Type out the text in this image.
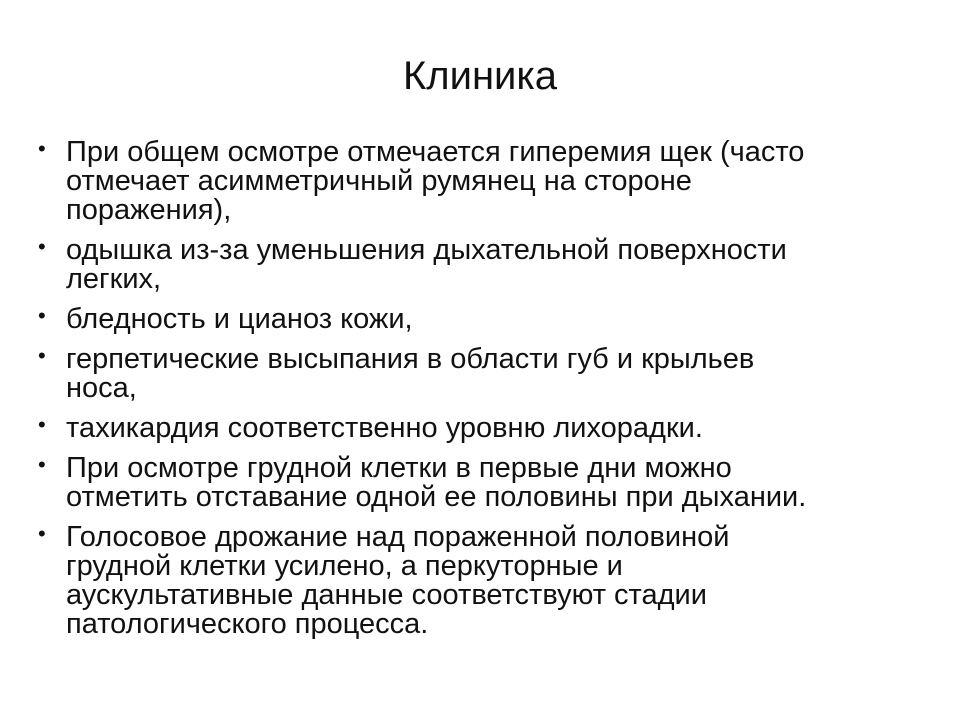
Клиника
• При общем осмотре отмечается гиперемия щек (часто
отмечает асимметричный румянец на стороне
поражения),
• одышка из-за уменьшения дыхательной поверхности
легких,
• бледность и цианоз кожи,
• герпетические высыпания в области губ и крыльев
носа,
• тахикардия соответственно уровню лихорадки.
• При осмотре грудной клетки в первые дни можно
отметить отставание одной ее половины при дыхании.
• Голосовое дрожание над пораженной половиной
грудной клетки усилено, а перкуторные и
аускультативные данные соответствуют стадии
патологического процесса.
